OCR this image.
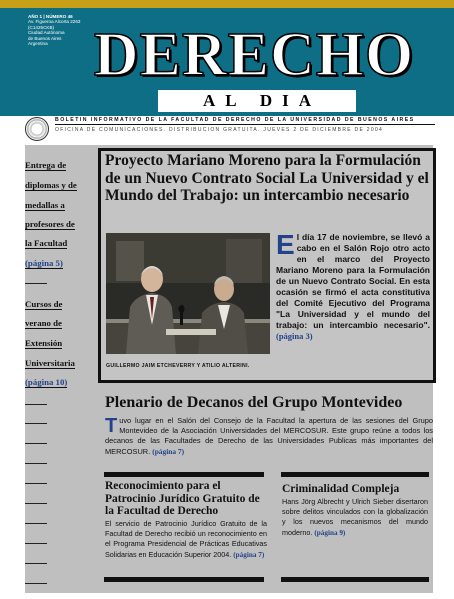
AÑO 1 | NÚMERO 46
Av. Figueroa Alcorta 2263
(C1425CKB)
Ciudad Autónoma
de Buenos Aires
Argentina DERECHO
AL DIA
BOLETIN INFORMATIVO DE LA FACULTAD DE DERECHO DE LA UNIVERSIDAD DE BUENOS AIRES
OFICINA DE COMUNICACIONES. DISTRIBUCION GRATUITA. JUEVES 2 DE DICIEMBRE DE 2004
Entrega de
diplomas y de
medallas a
profesores de
la Facultad
(página 5)
Cursos de
verano de
Extensión
Universitaria
(página 10)
Proyecto Mariano Moreno para la Formulación de un Nuevo Contrato Social La Universidad y el Mundo del Trabajo: un intercambio necesario
GUILLERMO JAIM ETCHEVERRY Y ATILIO ALTERINI.
El día 17 de noviembre, se llevó a cabo en el Salón Rojo otro acto en el marco del Proyecto Mariano Moreno para la Formulación de un Nuevo Contrato Social. En esta ocasión se firmó el acta constitutiva del Comité Ejecutivo del Programa "La Universidad y el mundo del trabajo: un intercambio necesario". (página 3)
Plenario de Decanos del Grupo Montevideo
Tuvo lugar en el Salón del Consejo de la Facultad la apertura de las sesiones del Grupo Montevideo de la Asociación Universidades del MERCOSUR. Este grupo reúne a todos los decanos de las Facultades de Derecho de las Universidades Publicas más importantes del MERCOSUR. (página 7)
Reconocimiento para el Patrocinio Jurídico Gratuito de la Facultad de Derecho
El servicio de Patrocinio Jurídico Gratuito de la Facultad de Derecho recibió un reconocimiento en el Programa Presidencial de Prácticas Educativas Solidarias en Educación Superior 2004. (página 7)
Criminalidad Compleja
Hans Jörg Albrecht y Ulrich Sieber disertaron sobre delitos vinculados con la globalización y los nuevos mecanismos del mundo moderno. (página 9)
